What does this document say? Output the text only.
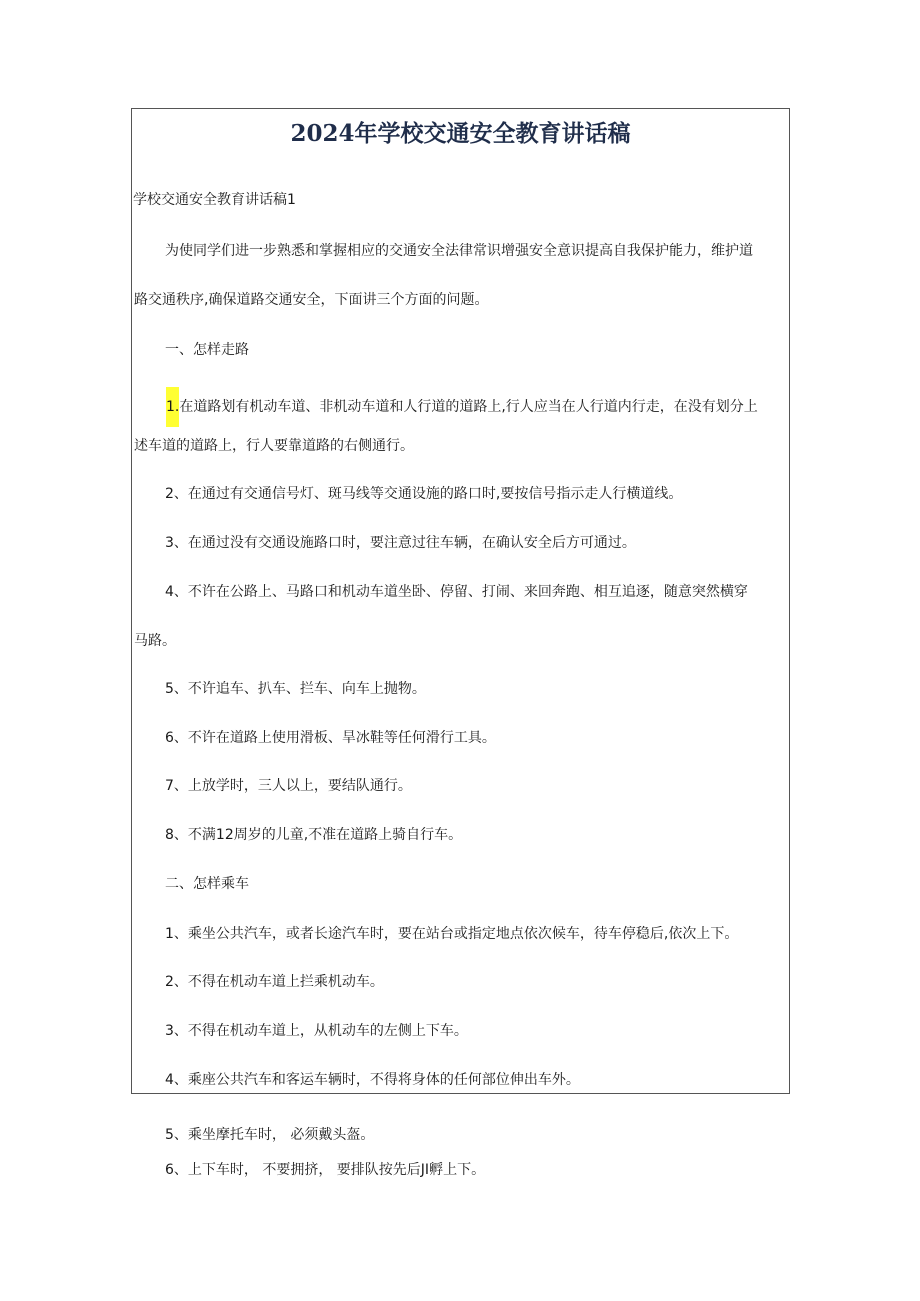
2024年学校交通安全教育讲话稿

学校交通安全教育讲话稿1

为使同学们进一步熟悉和掌握相应的交通安全法律常识增强安全意识提高自我保护能力，维护道

路交通秩序,确保道路交通安全，下面讲三个方面的问题。

一、怎样走路

1.在道路划有机动车道、非机动车道和人行道的道路上,行人应当在人行道内行走，在没有划分上

述车道的道路上，行人要靠道路的右侧通行。

2、在通过有交通信号灯、斑马线等交通设施的路口时,要按信号指示走人行横道线。

3、在通过没有交通设施路口时，要注意过往车辆，在确认安全后方可通过。

4、不许在公路上、马路口和机动车道坐卧、停留、打闹、来回奔跑、相互追逐，随意突然横穿

马路。

5、不许追车、扒车、拦车、向车上抛物。

6、不许在道路上使用滑板、旱冰鞋等任何滑行工具。

7、上放学时，三人以上，要结队通行。

8、不满12周岁的儿童,不准在道路上骑自行车。

二、怎样乘车

1、乘坐公共汽车，或者长途汽车时，要在站台或指定地点依次候车，待车停稳后,依次上下。

2、不得在机动车道上拦乘机动车。

3、不得在机动车道上，从机动车的左侧上下车。

4、乘座公共汽车和客运车辆时，不得将身体的任何部位伸出车外。

5、乘坐摩托车时， 必须戴头盔。

6、上下车时， 不要拥挤， 要排队按先后JI孵上下。
